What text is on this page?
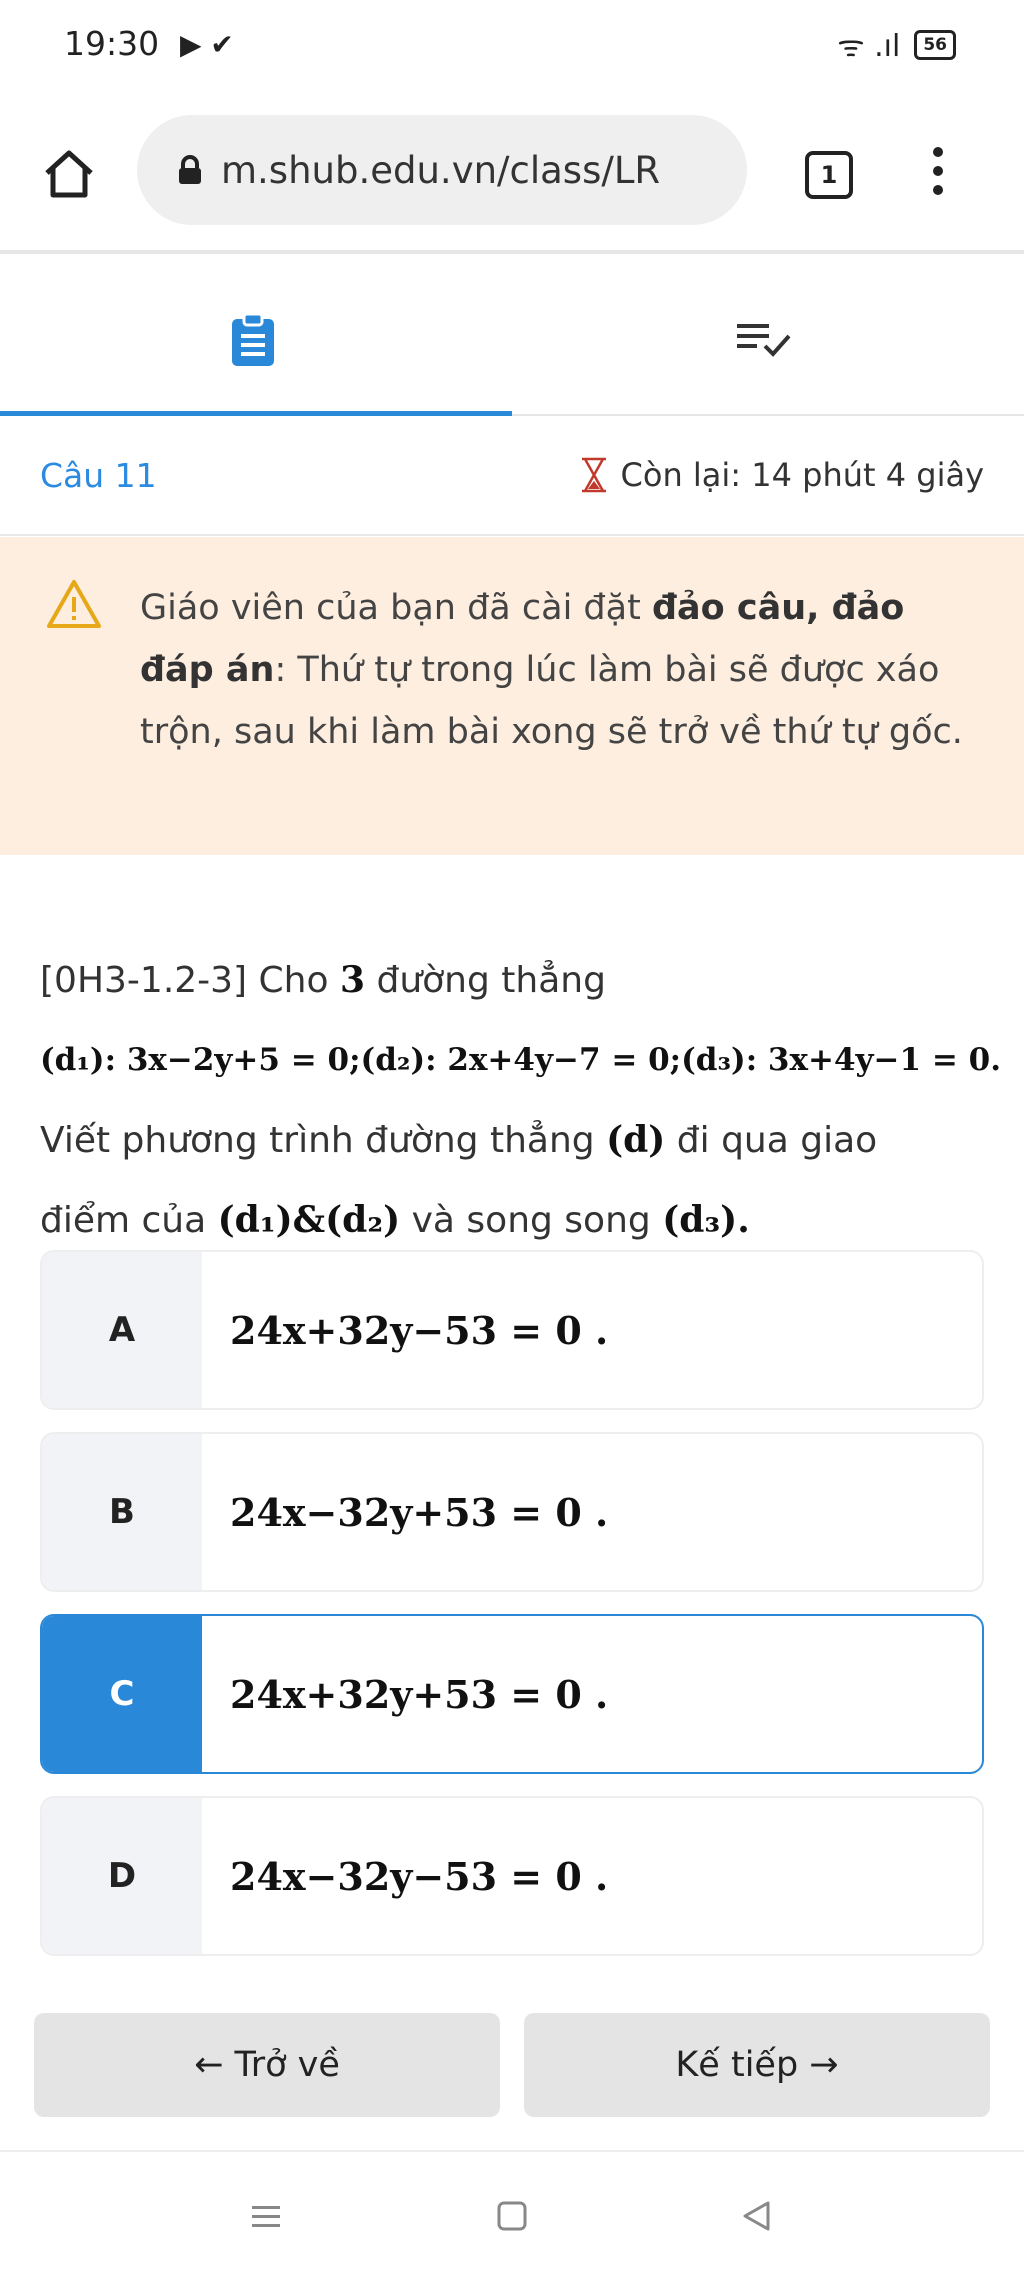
19:30 ▶ ✔	ᯤ .ıl	56
m.shub.edu.vn/class/LR	1
Câu 11	Còn lại: 14 phút 4 giây
Giáo viên của bạn đã cài đặt đảo câu, đảo đáp án: Thứ tự trong lúc làm bài sẽ được xáo trộn, sau khi làm bài xong sẽ trở về thứ tự gốc.
[0H3-1.2-3] Cho 3 đường thẳng
(d₁): 3x−2y+5 = 0;(d₂): 2x+4y−7 = 0;(d₃): 3x+4y−1 = 0.
Viết phương trình đường thẳng (d) đi qua giao
điểm của (d₁)&(d₂) và song song (d₃).
A	24x+32y−53 = 0 .
B	24x−32y+53 = 0 .
C	24x+32y+53 = 0 .
D	24x−32y−53 = 0 .
← Trở về	Kế tiếp →
